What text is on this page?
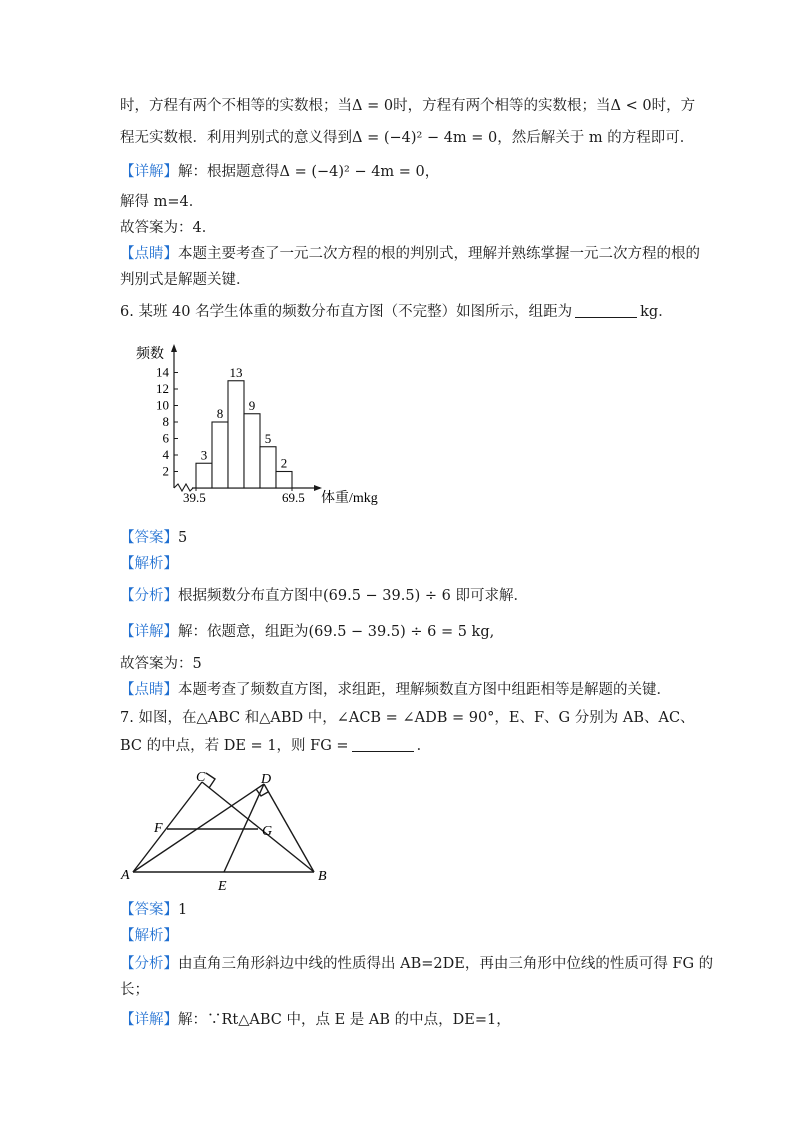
时，方程有两个不相等的实数根；当Δ = 0时，方程有两个相等的实数根；当Δ < 0时，方
程无实数根．利用判别式的意义得到Δ = (−4)² − 4m = 0，然后解关于 m 的方程即可．
【详解】解：根据题意得Δ = (−4)² − 4m = 0，
解得 m=4．
故答案为：4．
【点睛】本题主要考查了一元二次方程的根的判别式，理解并熟练掌握一元二次方程的根的
判别式是解题关键．
6. 某班 40 名学生体重的频数分布直方图（不完整）如图所示，组距为	kg．
频数
2
4
6
8
10
12
14
3
8
13
9
5
2
39.5	69.5 体重/mkg
【答案】5
【解析】
【分析】根据频数分布直方图中(69.5 − 39.5) ÷ 6 即可求解．
【详解】解：依题意，组距为(69.5 − 39.5) ÷ 6 = 5 kg,
故答案为：5
【点睛】本题考查了频数直方图，求组距，理解频数直方图中组距相等是解题的关键．
7. 如图，在△ABC 和△ABD 中，∠ACB = ∠ADB = 90°，E、F、G 分别为 AB、AC、
BC 的中点，若 DE = 1，则 FG =	．
C	D
F	G
A
E
B
【答案】1
【解析】
【分析】由直角三角形斜边中线的性质得出 AB=2DE，再由三角形中位线的性质可得 FG 的
长；
【详解】解：∵Rt△ABC 中，点 E 是 AB 的中点，DE=1，
